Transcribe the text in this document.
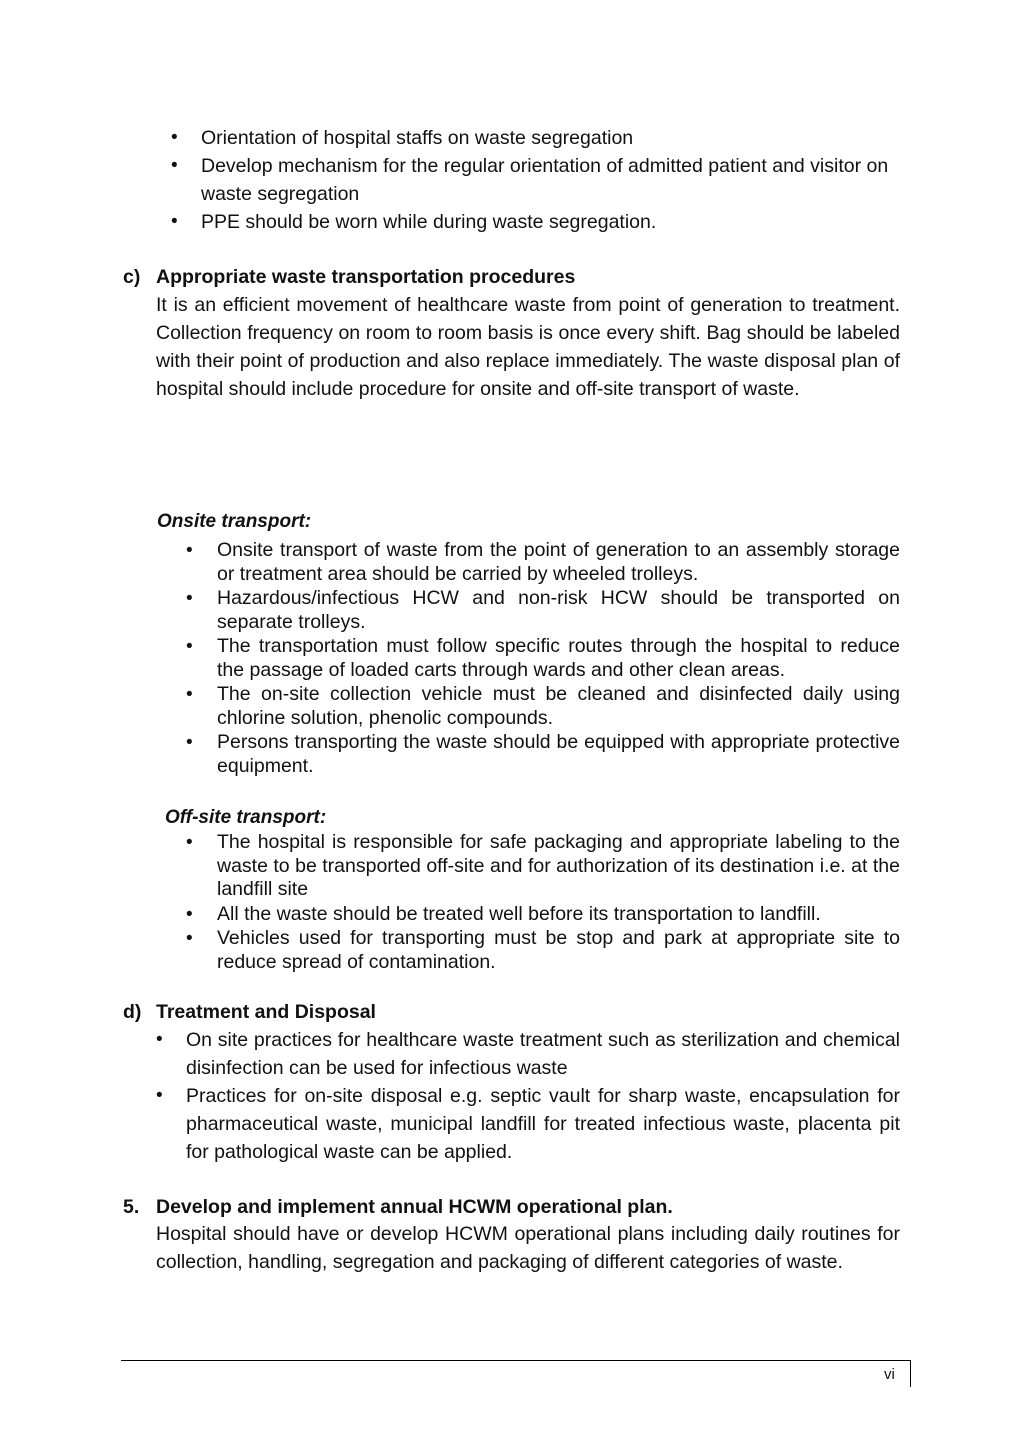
• Orientation of hospital staffs on waste segregation
• Develop mechanism for the regular orientation of admitted patient and visitor on waste segregation
• PPE should be worn while during waste segregation.
c) Appropriate waste transportation procedures
It is an efficient movement of healthcare waste from point of generation to treatment. Collection frequency on room to room basis is once every shift. Bag should be labeled with their point of production and also replace immediately. The waste disposal plan of hospital should include procedure for onsite and off-site transport of waste.
Onsite transport:
• Onsite transport of waste from the point of generation to an assembly storage or treatment area should be carried by wheeled trolleys.
• Hazardous/infectious HCW and non-risk HCW should be transported on separate trolleys.
• The transportation must follow specific routes through the hospital to reduce the passage of loaded carts through wards and other clean areas.
• The on-site collection vehicle must be cleaned and disinfected daily using chlorine solution, phenolic compounds.
• Persons transporting the waste should be equipped with appropriate protective equipment.
Off-site transport:
• The hospital is responsible for safe packaging and appropriate labeling to the waste to be transported off-site and for authorization of its destination i.e. at the landfill site
• All the waste should be treated well before its transportation to landfill.
• Vehicles used for transporting must be stop and park at appropriate site to reduce spread of contamination.
d) Treatment and Disposal
• On site practices for healthcare waste treatment such as sterilization and chemical disinfection can be used for infectious waste
• Practices for on-site disposal e.g. septic vault for sharp waste, encapsulation for pharmaceutical waste, municipal landfill for treated infectious waste, placenta pit for pathological waste can be applied.
5. Develop and implement annual HCWM operational plan.
Hospital should have or develop HCWM operational plans including daily routines for collection, handling, segregation and packaging of different categories of waste.
vi
